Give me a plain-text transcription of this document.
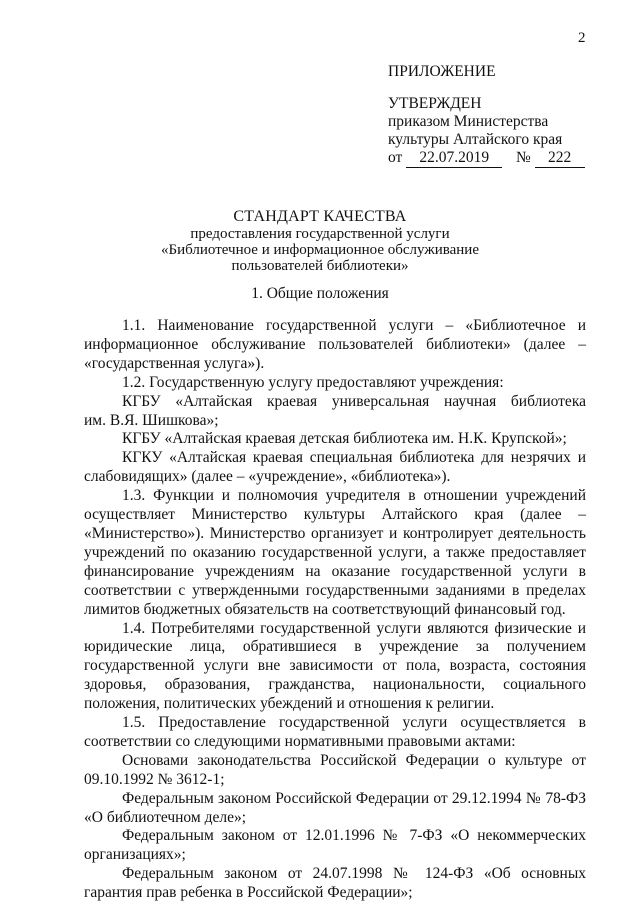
2
ПРИЛОЖЕНИЕ
УТВЕРЖДЕН
приказом Министерства
культуры Алтайского края
от 22.07.2019 № 222
СТАНДАРТ КАЧЕСТВА
предоставления государственной услуги
«Библиотечное и информационное обслуживание
пользователей библиотеки»
1. Общие положения

1.1. Наименование государственной услуги – «Библиотечное и информационное обслуживание пользователей библиотеки» (далее – «государственная услуга»).

1.2. Государственную услугу предоставляют учреждения:

КГБУ «Алтайская краевая универсальная научная библиотека

им. В.Я. Шишкова»;

КГБУ «Алтайская краевая детская библиотека им. Н.К. Крупской»;

КГКУ «Алтайская краевая специальная библиотека для незрячих и слабовидящих» (далее – «учреждение», «библиотека»).

1.3. Функции и полномочия учредителя в отношении учреждений осуществляет Министерство культуры Алтайского края (далее – «Министерство»). Министерство организует и контролирует деятельность учреждений по оказанию государственной услуги, а также предоставляет финансирование учреждениям на оказание государственной услуги в соответствии с утвержденными государственными заданиями в пределах лимитов бюджетных обязательств на соответствующий финансовый год.

1.4. Потребителями государственной услуги являются физические и юридические лица, обратившиеся в учреждение за получением государственной услуги вне зависимости от пола, возраста, состояния здоровья, образования, гражданства, национальности, социального положения, политических убеждений и отношения к религии.

1.5. Предоставление государственной услуги осуществляется в соответствии со следующими нормативными правовыми актами:

Основами законодательства Российской Федерации о культуре от 09.10.1992 № 3612-1;

Федеральным законом Российской Федерации от 29.12.1994 № 78-ФЗ «О библиотечном деле»;

Федеральным законом от 12.01.1996 № 7-ФЗ «О некоммерческих организациях»;

Федеральным законом от 24.07.1998 № 124-ФЗ «Об основных гарантия прав ребенка в Российской Федерации»;
